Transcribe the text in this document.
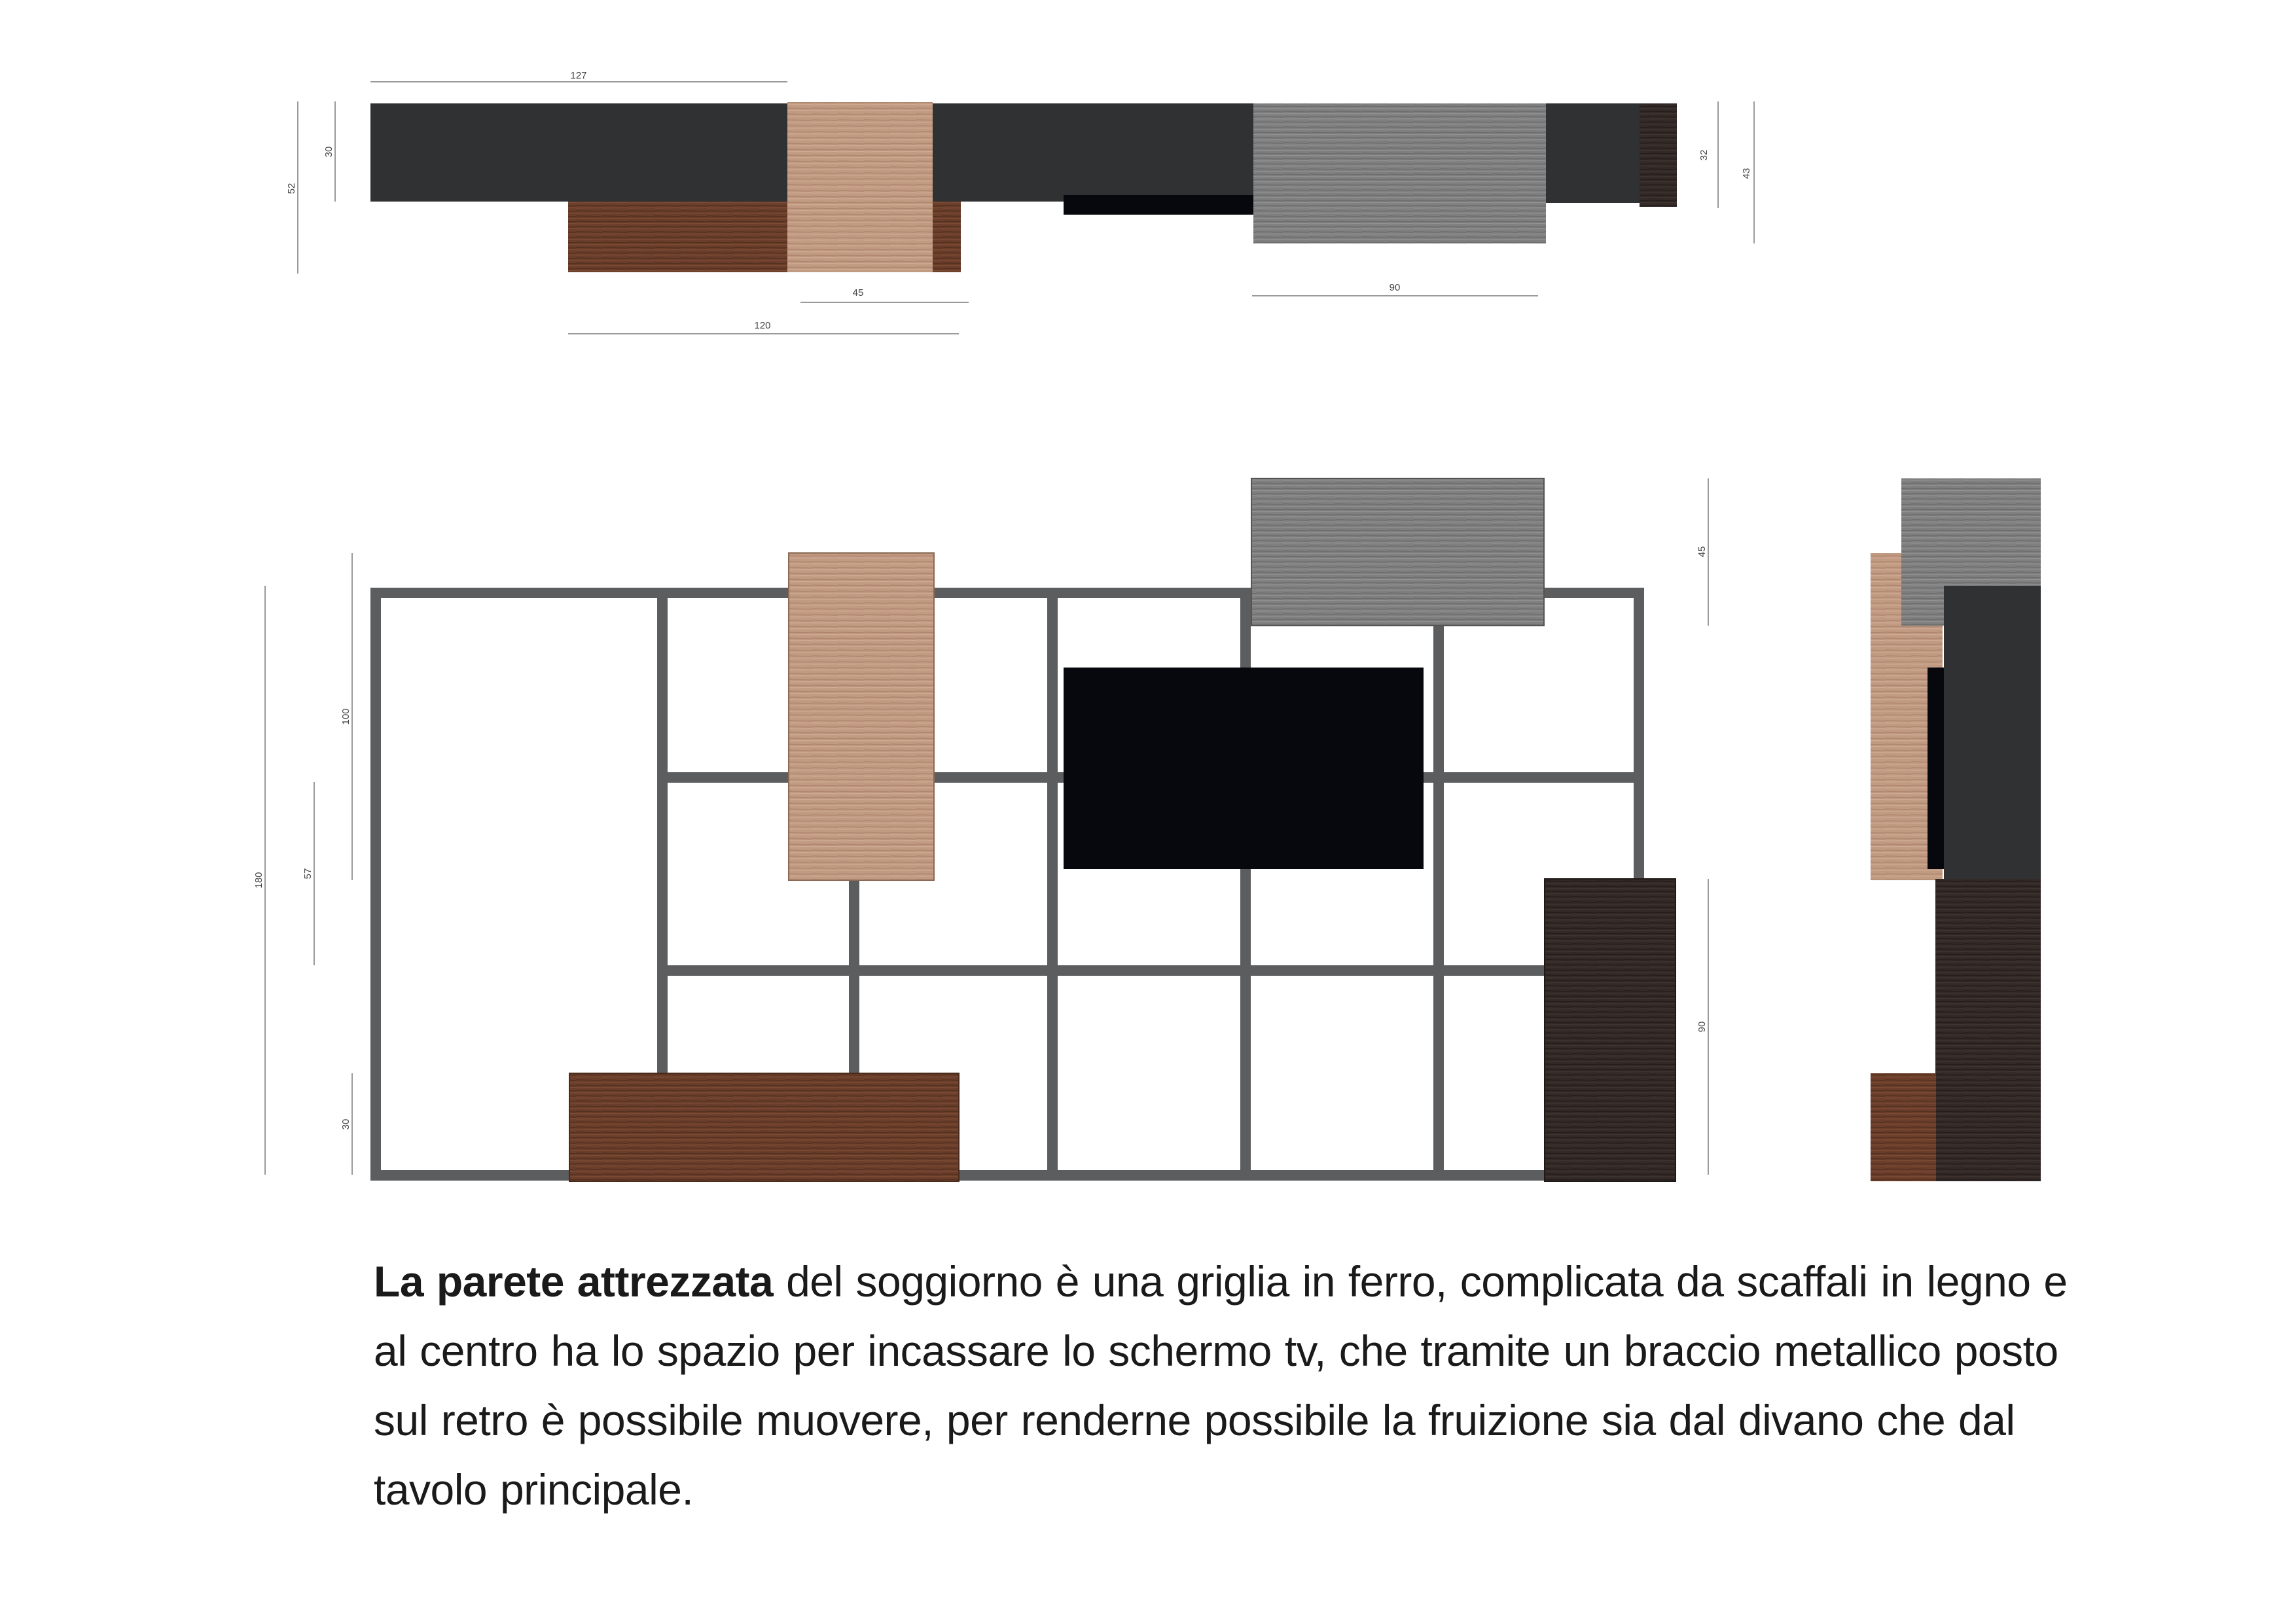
127
52
30
45
120
90
32
43
180
100
57
30
45
90
La parete attrezzata del soggiorno è una griglia in ferro, complicata da scaffali in legno e al centro ha lo spazio per incassare lo schermo tv, che tramite un braccio metallico posto sul retro è possibile muovere, per renderne possibile la fruizione sia dal divano che dal tavolo principale.
